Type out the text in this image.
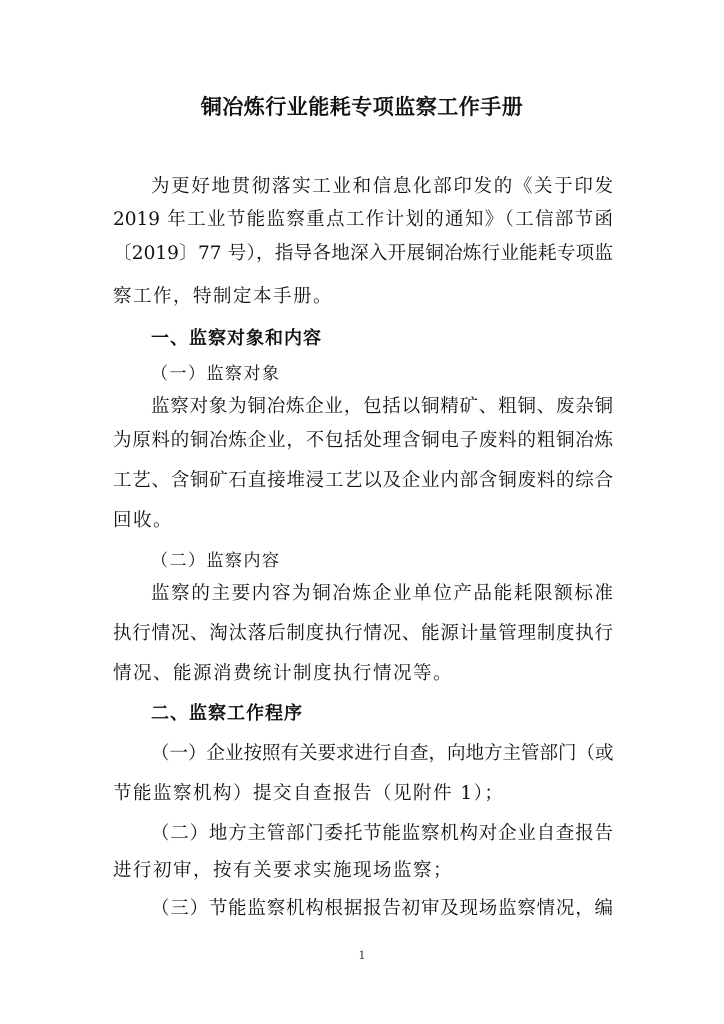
铜冶炼行业能耗专项监察工作手册
为更好地贯彻落实工业和信息化部印发的《关于印发
2019 年工业节能监察重点工作计划的通知》（工信部节函
〔2019〕77 号），指导各地深入开展铜冶炼行业能耗专项监
察工作，特制定本手册。
一、监察对象和内容
（一）监察对象
监察对象为铜冶炼企业，包括以铜精矿、粗铜、废杂铜
为原料的铜冶炼企业，不包括处理含铜电子废料的粗铜冶炼
工艺、含铜矿石直接堆浸工艺以及企业内部含铜废料的综合
回收。
（二）监察内容
监察的主要内容为铜冶炼企业单位产品能耗限额标准
执行情况、淘汰落后制度执行情况、能源计量管理制度执行
情况、能源消费统计制度执行情况等。
二、监察工作程序
（一）企业按照有关要求进行自查，向地方主管部门（或
节能监察机构）提交自查报告（见附件 1）；
（二）地方主管部门委托节能监察机构对企业自查报告
进行初审，按有关要求实施现场监察；
（三）节能监察机构根据报告初审及现场监察情况，编
1
